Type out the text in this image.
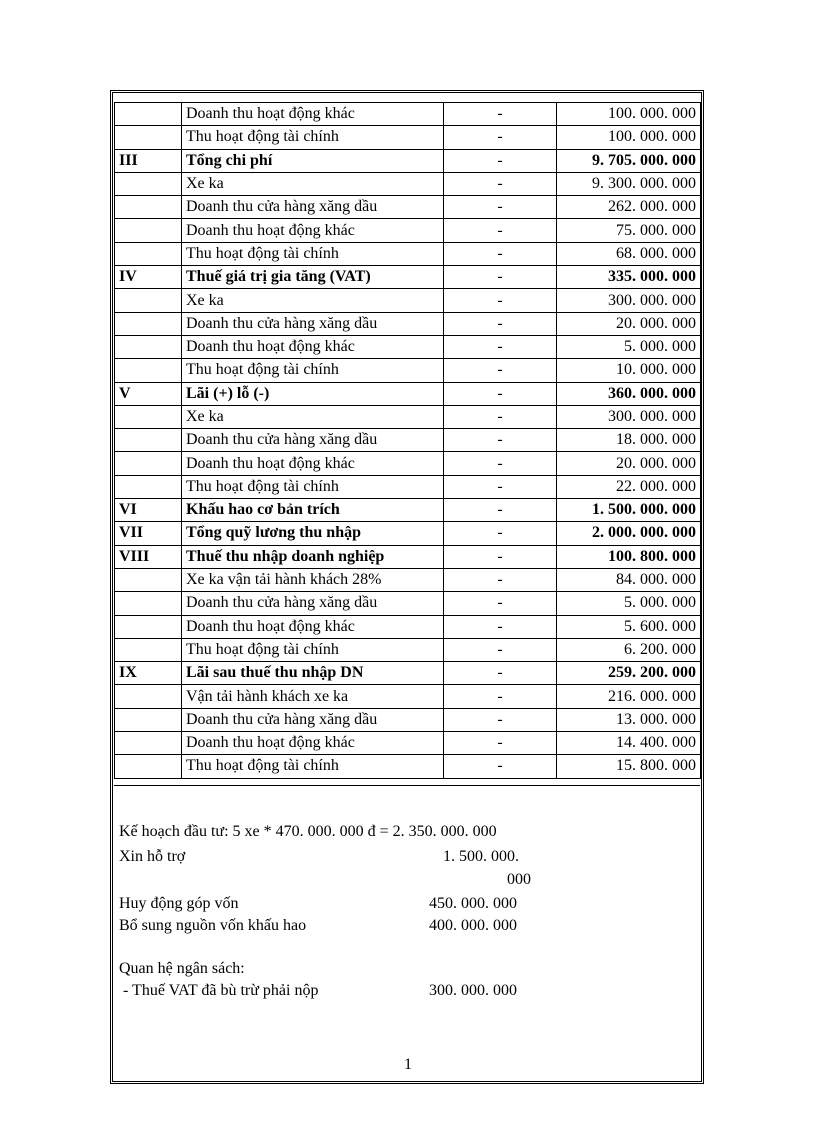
	Doanh thu hoạt động khác	-	100. 000. 000
	Thu hoạt động tài chính	-	100. 000. 000
III	Tổng chi phí	-	9. 705. 000. 000
	Xe ka	-	9. 300. 000. 000
	Doanh thu cửa hàng xăng dầu	-	262. 000. 000
	Doanh thu hoạt động khác	-	75. 000. 000
	Thu hoạt động tài chính	-	68. 000. 000
IV	Thuế giá trị gia tăng (VAT)	-	335. 000. 000
	Xe ka	-	300. 000. 000
	Doanh thu cửa hàng xăng dầu	-	20. 000. 000
	Doanh thu hoạt động khác	-	5. 000. 000
	Thu hoạt động tài chính	-	10. 000. 000
V	Lãi (+) lỗ (-)	-	360. 000. 000
	Xe ka	-	300. 000. 000
	Doanh thu cửa hàng xăng dầu	-	18. 000. 000
	Doanh thu hoạt động khác	-	20. 000. 000
	Thu hoạt động tài chính	-	22. 000. 000
VI	Khấu hao cơ bản trích	-	1. 500. 000. 000
VII	Tổng quỹ lương thu nhập	-	2. 000. 000. 000
VIII	Thuế thu nhập doanh nghiệp	-	100. 800. 000
	Xe ka vận tải hành khách 28%	-	84. 000. 000
	Doanh thu cửa hàng xăng dầu	-	5. 000. 000
	Doanh thu hoạt động khác	-	5. 600. 000
	Thu hoạt động tài chính	-	6. 200. 000
IX	Lãi sau thuế thu nhập DN	-	259. 200. 000
	Vận tải hành khách xe ka	-	216. 000. 000
	Doanh thu cửa hàng xăng dầu	-	13. 000. 000
	Doanh thu hoạt động khác	-	14. 400. 000
	Thu hoạt động tài chính	-	15. 800. 000
Kế hoạch đầu tư: 5 xe * 470. 000. 000 đ = 2. 350. 000. 000
Xin hỗ trợ	1. 500. 000.
000
Huy động góp vốn	450. 000. 000
Bổ sung nguồn vốn khấu hao	400. 000. 000
Quan hệ ngân sách:
- Thuế VAT đã bù trừ phải nộp	300. 000. 000
1
